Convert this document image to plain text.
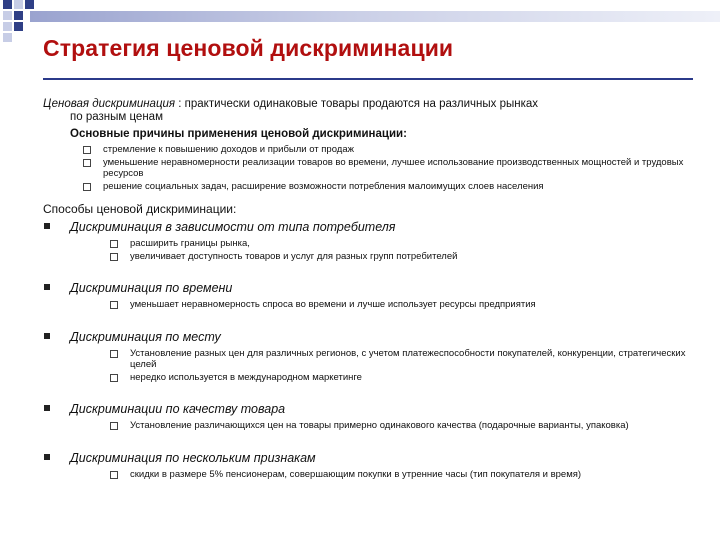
Стратегия ценовой дискриминации

Ценовая дискриминация : практически одинаковые товары продаются на различных рынках
по разным ценам

Основные причины применения ценовой дискриминации:
стремление к повышению доходов и прибыли от продаж
уменьшение неравномерности реализации товаров во времени, лучшее использование производственных мощностей и трудовых ресурсов
решение социальных задач, расширение возможности потребления малоимущих слоев населения
Способы ценовой дискриминации:
Дискриминация в зависимости от типа потребителя
расширить границы рынка,
увеличивает доступность товаров и услуг для разных групп потребителей
Дискриминация по времени
уменьшает неравномерность спроса во времени и лучше использует ресурсы предприятия
Дискриминация по месту
Установление разных цен для различных регионов, с учетом платежеспособности покупателей, конкуренции, стратегических целей
нередко используется в международном маркетинге
Дискриминации по качеству товара
Установление различающихся цен на товары примерно одинакового качества (подарочные варианты, упаковка)
Дискриминация по нескольким признакам
скидки в размере 5% пенсионерам, совершающим покупки в утренние часы (тип покупателя и время)
